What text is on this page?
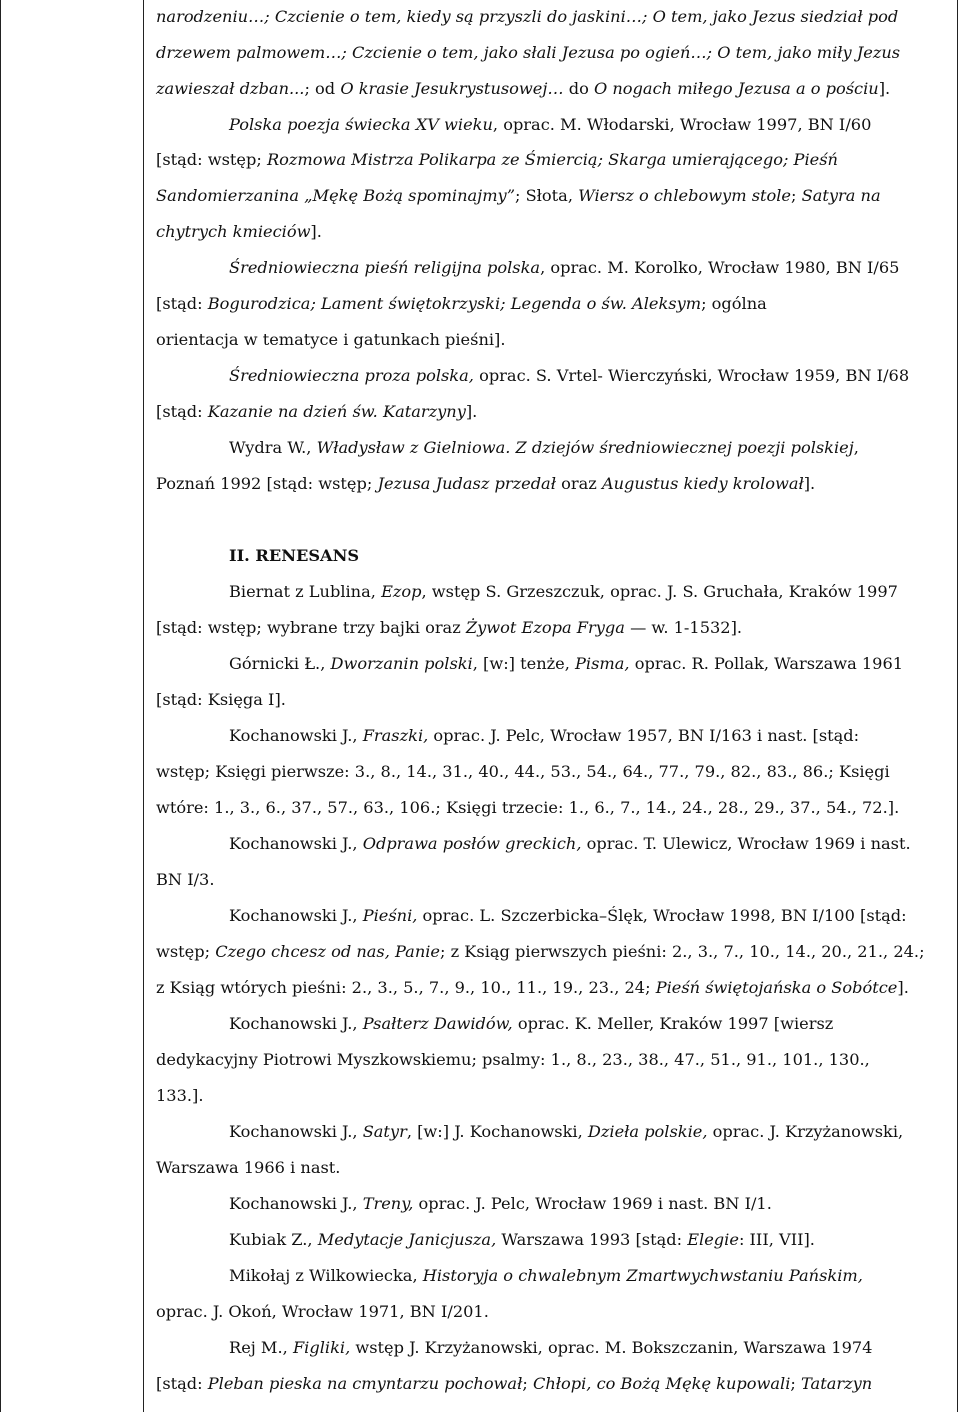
narodzeniu…; Czcienie o tem, kiedy są przyszli do jaskini…; O tem, jako Jezus siedział pod
drzewem palmowem…; Czcienie o tem, jako słali Jezusa po ogień…; O tem, jako miły Jezus
zawieszał dzban...; od O krasie Jesukrystusowej… do O nogach miłego Jezusa a o pościu].
Polska poezja świecka XV wieku, oprac. M. Włodarski, Wrocław 1997, BN I/60
[stąd: wstęp; Rozmowa Mistrza Polikarpa ze Śmiercią; Skarga umierającego; Pieśń
Sandomierzanina „Mękę Bożą spominajmy”; Słota, Wiersz o chlebowym stole; Satyra na
chytrych kmieciów].
Średniowieczna pieśń religijna polska, oprac. M. Korolko, Wrocław 1980, BN I/65
[stąd: Bogurodzica; Lament świętokrzyski; Legenda o św. Aleksym; ogólna
orientacja w tematyce i gatunkach pieśni].
Średniowieczna proza polska, oprac. S. Vrtel- Wierczyński, Wrocław 1959, BN I/68
[stąd: Kazanie na dzień św. Katarzyny].
Wydra W., Władysław z Gielniowa. Z dziejów średniowiecznej poezji polskiej,
Poznań 1992 [stąd: wstęp; Jezusa Judasz przedał oraz Augustus kiedy krolował].
II. RENESANS
Biernat z Lublina, Ezop, wstęp S. Grzeszczuk, oprac. J. S. Gruchała, Kraków 1997
[stąd: wstęp; wybrane trzy bajki oraz Żywot Ezopa Fryga — w. 1-1532].
Górnicki Ł., Dworzanin polski, [w:] tenże, Pisma, oprac. R. Pollak, Warszawa 1961
[stąd: Księga I].
Kochanowski J., Fraszki, oprac. J. Pelc, Wrocław 1957, BN I/163 i nast. [stąd:
wstęp; Księgi pierwsze: 3., 8., 14., 31., 40., 44., 53., 54., 64., 77., 79., 82., 83., 86.; Księgi
wtóre: 1., 3., 6., 37., 57., 63., 106.; Księgi trzecie: 1., 6., 7., 14., 24., 28., 29., 37., 54., 72.].
Kochanowski J., Odprawa posłów greckich, oprac. T. Ulewicz, Wrocław 1969 i nast.
BN I/3.
Kochanowski J., Pieśni, oprac. L. Szczerbicka–Ślęk, Wrocław 1998, BN I/100 [stąd:
wstęp; Czego chcesz od nas, Panie; z Ksiąg pierwszych pieśni: 2., 3., 7., 10., 14., 20., 21., 24.;
z Ksiąg wtórych pieśni: 2., 3., 5., 7., 9., 10., 11., 19., 23., 24; Pieśń świętojańska o Sobótce].
Kochanowski J., Psałterz Dawidów, oprac. K. Meller, Kraków 1997 [wiersz
dedykacyjny Piotrowi Myszkowskiemu; psalmy: 1., 8., 23., 38., 47., 51., 91., 101., 130.,
133.].
Kochanowski J., Satyr, [w:] J. Kochanowski, Dzieła polskie, oprac. J. Krzyżanowski,
Warszawa 1966 i nast.
Kochanowski J., Treny, oprac. J. Pelc, Wrocław 1969 i nast. BN I/1.
Kubiak Z., Medytacje Janicjusza, Warszawa 1993 [stąd: Elegie: III, VII].
Mikołaj z Wilkowiecka, Historyja o chwalebnym Zmartwychwstaniu Pańskim,
oprac. J. Okoń, Wrocław 1971, BN I/201.
Rej M., Figliki, wstęp J. Krzyżanowski, oprac. M. Bokszczanin, Warszawa 1974
[stąd: Pleban pieska na cmyntarzu pochował; Chłopi, co Bożą Mękę kupowali; Tatarzyn
